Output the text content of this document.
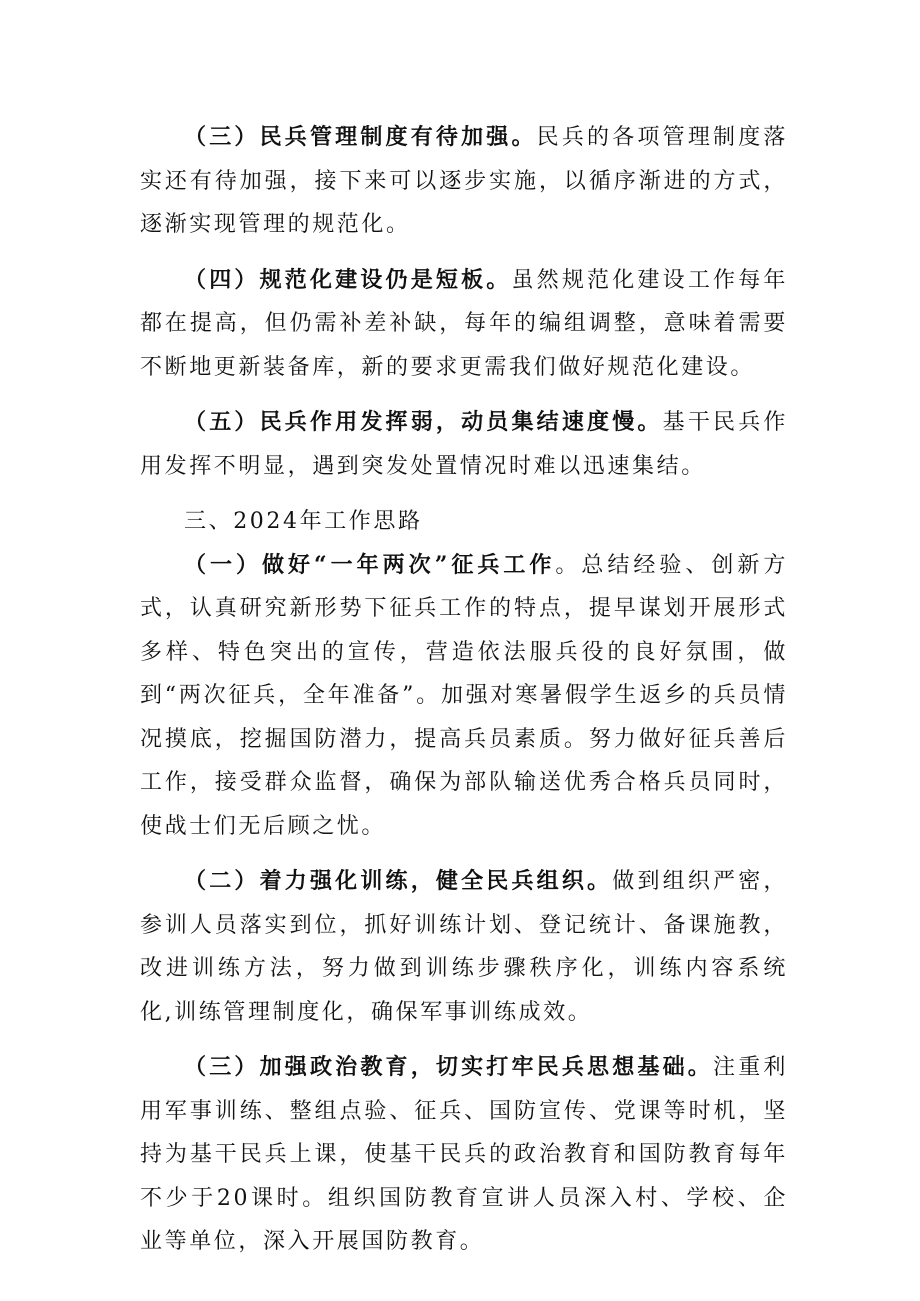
（三）民兵管理制度有待加强。民兵的各项管理制度落实还有待加强，接下来可以逐步实施，以循序渐进的方式，逐渐实现管理的规范化。

（四）规范化建设仍是短板。虽然规范化建设工作每年都在提高，但仍需补差补缺，每年的编组调整，意味着需要不断地更新装备库，新的要求更需我们做好规范化建设。

（五）民兵作用发挥弱，动员集结速度慢。基干民兵作用发挥不明显，遇到突发处置情况时难以迅速集结。

三、2024年工作思路

（一）做好“一年两次”征兵工作。总结经验、创新方式，认真研究新形势下征兵工作的特点，提早谋划开展形式多样、特色突出的宣传，营造依法服兵役的良好氛围，做到“两次征兵，全年准备”。加强对寒暑假学生返乡的兵员情况摸底，挖掘国防潜力，提高兵员素质。努力做好征兵善后工作，接受群众监督，确保为部队输送优秀合格兵员同时，使战士们无后顾之忧。

（二）着力强化训练，健全民兵组织。做到组织严密，参训人员落实到位，抓好训练计划、登记统计、备课施教，改进训练方法，努力做到训练步骤秩序化，训练内容系统化,训练管理制度化，确保军事训练成效。

（三）加强政治教育，切实打牢民兵思想基础。注重利用军事训练、整组点验、征兵、国防宣传、党课等时机，坚持为基干民兵上课，使基干民兵的政治教育和国防教育每年不少于20课时。组织国防教育宣讲人员深入村、学校、企业等单位，深入开展国防教育。
